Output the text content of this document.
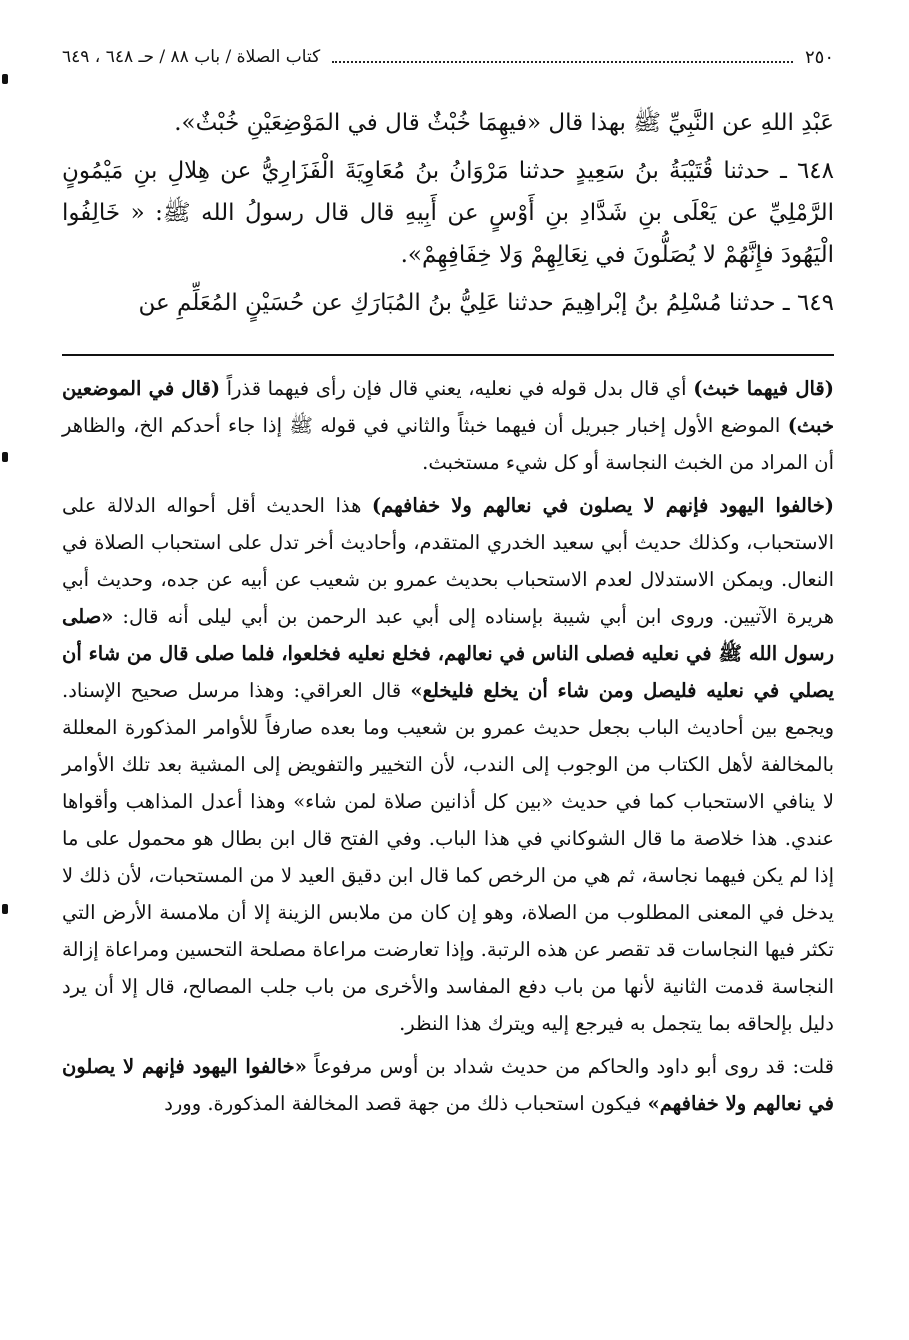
٢٥٠
كتاب الصلاة / باب ٨٨ / حـ ٦٤٨ ، ٦٤٩

عَبْدِ اللهِ عن النَّبِيِّ ﷺ بهذا قال «فيهِمَا خُبْثٌ قال في المَوْضِعَيْنِ خُبْثٌ».

٦٤٨ ـ حدثنا قُتَيْبَةُ بنُ سَعِيدٍ حدثنا مَرْوَانُ بنُ مُعَاوِيَةَ الْفَزَارِيُّ عن هِلالِ بنِ مَيْمُونٍ الرَّمْلِيِّ عن يَعْلَى بنِ شَدَّادِ بنِ أَوْسٍ عن أَبِيهِ قال قال رسولُ الله ﷺ: « خَالِفُوا الْيَهُودَ فإِنَّهُمْ لا يُصَلُّونَ في نِعَالِهِمْ وَلا خِفَافِهِمْ».

٦٤٩ ـ حدثنا مُسْلِمُ بنُ إبْراهِيمَ حدثنا عَلِيُّ بنُ المُبَارَكِ عن حُسَيْنٍ المُعَلِّمِ عن

(قال فيهما خبث) أي قال بدل قوله في نعليه، يعني قال فإن رأى فيهما قذراً (قال في الموضعين خبث) الموضع الأول إخبار جبريل أن فيهما خبثاً والثاني في قوله ﷺ إذا جاء أحدكم الخ، والظاهر أن المراد من الخبث النجاسة أو كل شيء مستخبث.

(خالفوا اليهود فإنهم لا يصلون في نعالهم ولا خفافهم) هذا الحديث أقل أحواله الدلالة على الاستحباب، وكذلك حديث أبي سعيد الخدري المتقدم، وأحاديث أخر تدل على استحباب الصلاة في النعال. ويمكن الاستدلال لعدم الاستحباب بحديث عمرو بن شعيب عن أبيه عن جده، وحديث أبي هريرة الآتيين. وروى ابن أبي شيبة بإسناده إلى أبي عبد الرحمن بن أبي ليلى أنه قال: «صلى رسول الله ﷺ في نعليه فصلى الناس في نعالهم، فخلع نعليه فخلعوا، فلما صلى قال من شاء أن يصلي في نعليه فليصل ومن شاء أن يخلع فليخلع» قال العراقي: وهذا مرسل صحيح الإسناد. ويجمع بين أحاديث الباب بجعل حديث عمرو بن شعيب وما بعده صارفاً للأوامر المذكورة المعللة بالمخالفة لأهل الكتاب من الوجوب إلى الندب، لأن التخيير والتفويض إلى المشية بعد تلك الأوامر لا ينافي الاستحباب كما في حديث «بين كل أذانين صلاة لمن شاء» وهذا أعدل المذاهب وأقواها عندي. هذا خلاصة ما قال الشوكاني في هذا الباب. وفي الفتح قال ابن بطال هو محمول على ما إذا لم يكن فيهما نجاسة، ثم هي من الرخص كما قال ابن دقيق العيد لا من المستحبات، لأن ذلك لا يدخل في المعنى المطلوب من الصلاة، وهو إن كان من ملابس الزينة إلا أن ملامسة الأرض التي تكثر فيها النجاسات قد تقصر عن هذه الرتبة. وإذا تعارضت مراعاة مصلحة التحسين ومراعاة إزالة النجاسة قدمت الثانية لأنها من باب دفع المفاسد والأخرى من باب جلب المصالح، قال إلا أن يرد دليل بإلحاقه بما يتجمل به فيرجع إليه ويترك هذا النظر.

قلت: قد روى أبو داود والحاكم من حديث شداد بن أوس مرفوعاً «خالفوا اليهود فإنهم لا يصلون في نعالهم ولا خفافهم» فيكون استحباب ذلك من جهة قصد المخالفة المذكورة. وورد
